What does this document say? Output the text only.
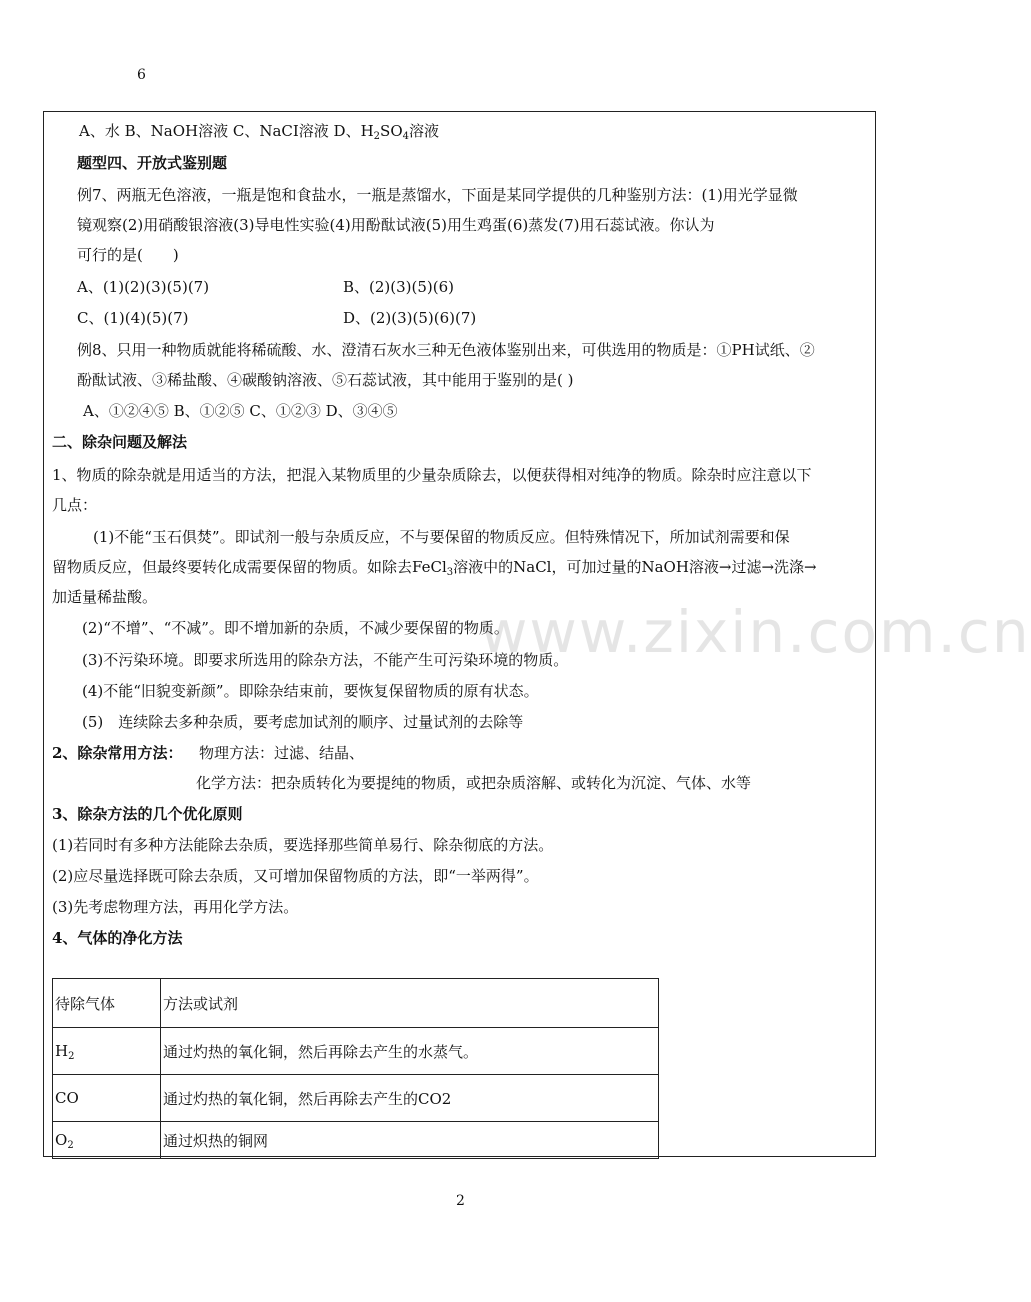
6
www.zixin.com.cn
A、水 B、NaOH溶液 C、NaCI溶液 D、$H_2SO_4$溶液
题型四、开放式鉴别题
例7、两瓶无色溶液，一瓶是饱和食盐水，一瓶是蒸馏水，下面是某同学提供的几种鉴别方法：(1)用光学显微
镜观察(2)用硝酸银溶液(3)导电性实验(4)用酚酞试液(5)用生鸡蛋(6)蒸发(7)用石蕊试液。你认为
可行的是(　　)
A、(1)(2)(3)(5)(7)	B、(2)(3)(5)(6)
C、(1)(4)(5)(7)	D、(2)(3)(5)(6)(7)
例8、只用一种物质就能将稀硫酸、水、澄清石灰水三种无色液体鉴别出来，可供选用的物质是：①PH试纸、②
酚酞试液、③稀盐酸、④碳酸钠溶液、⑤石蕊试液，其中能用于鉴别的是( )
A、①②④⑤ B、①②⑤ C、①②③ D、③④⑤
二、除杂问题及解法
1、物质的除杂就是用适当的方法，把混入某物质里的少量杂质除去，以便获得相对纯净的物质。除杂时应注意以下
几点：
(1)不能“玉石俱焚”。即试剂一般与杂质反应，不与要保留的物质反应。但特殊情况下，所加试剂需要和保
留物质反应，但最终要转化成需要保留的物质。如除去FeCl$_3$溶液中的NaCl，可加过量的NaOH溶液→过滤→洗涤→
加适量稀盐酸。
(2)“不增”、“不减”。即不增加新的杂质，不减少要保留的物质。
(3)不污染环境。即要求所选用的除杂方法，不能产生可污染环境的物质。
(4)不能“旧貌变新颜”。即除杂结束前，要恢复保留物质的原有状态。
(5)　连续除去多种杂质，要考虑加试剂的顺序、过量试剂的去除等
2、除杂常用方法： 物理方法：过滤、结晶、
化学方法：把杂质转化为要提纯的物质，或把杂质溶解、或转化为沉淀、气体、水等
3、除杂方法的几个优化原则
(1)若同时有多种方法能除去杂质，要选择那些简单易行、除杂彻底的方法。
(2)应尽量选择既可除去杂质，又可增加保留物质的方法，即“一举两得”。
(3)先考虑物理方法，再用化学方法。
4、气体的净化方法
待除气体	方法或试剂
$H_2$	通过灼热的氧化铜，然后再除去产生的水蒸气。
CO	通过灼热的氧化铜，然后再除去产生的CO2
$O_2$	通过炽热的铜网
2
